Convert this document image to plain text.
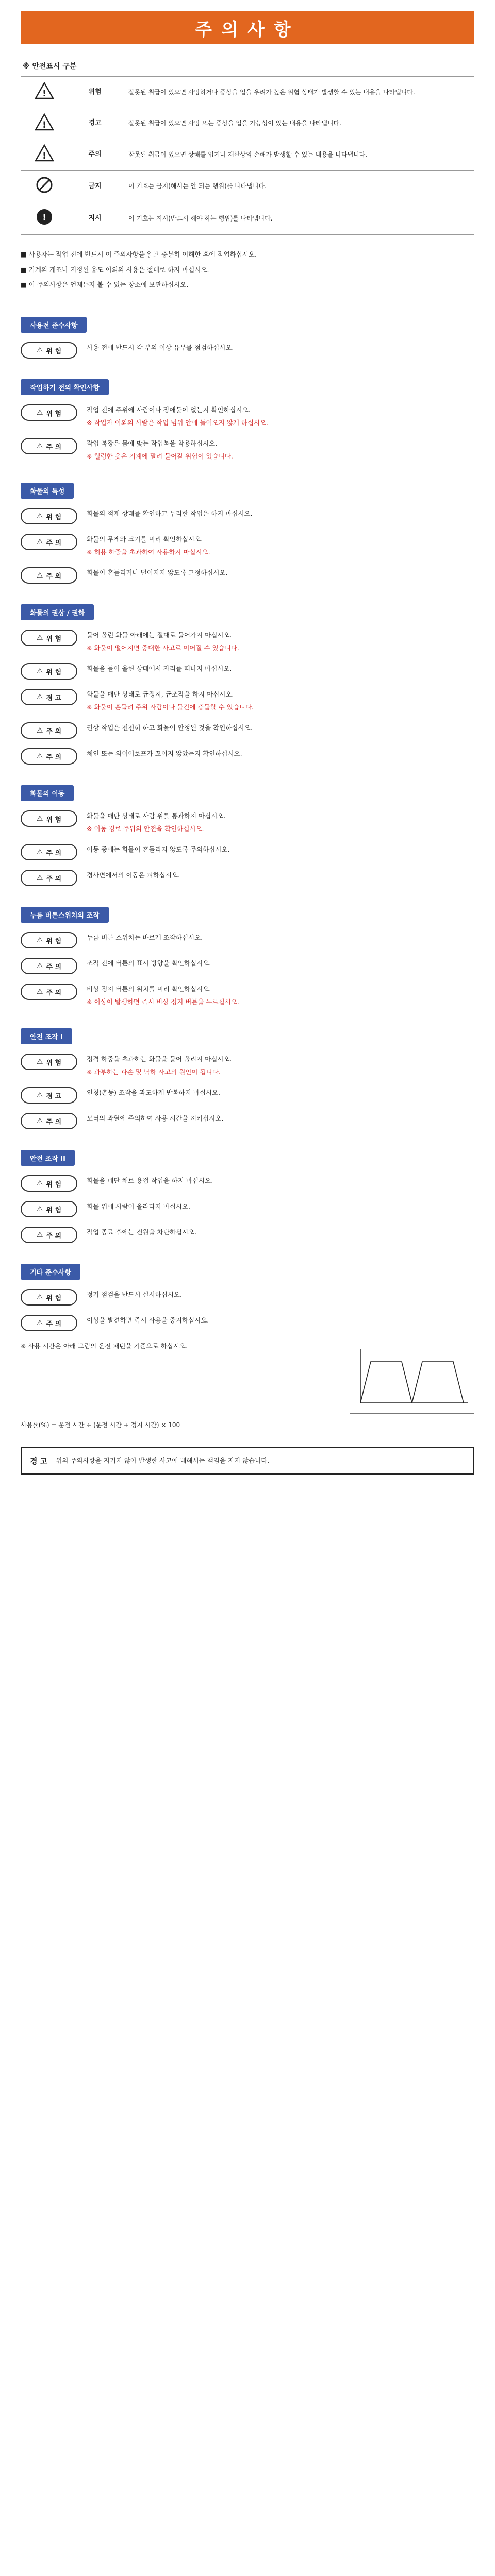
주의사항
※ 안전표시 구분
!	위험	잘못된 취급이 있으면 사망하거나 중상을 입을 우려가 높은 위험 상태가 발생할 수 있는 내용을 나타냅니다.

!	경고	잘못된 취급이 있으면 사망 또는 중상을 입을 가능성이 있는 내용을 나타냅니다.

!	주의	잘못된 취급이 있으면 상해를 입거나 재산상의 손해가 발생할 수 있는 내용을 나타냅니다.
	금지	이 기호는 금지(해서는 안 되는 행위)를 나타냅니다.

!	지시	이 기호는 지시(반드시 해야 하는 행위)를 나타냅니다.

■ 사용자는 작업 전에 반드시 이 주의사항을 읽고 충분히 이해한 후에 작업하십시오.

■ 기계의 개조나 지정된 용도 이외의 사용은 절대로 하지 마십시오.

■ 이 주의사항은 언제든지 볼 수 있는 장소에 보관하십시오.

사용전 준수사항
⚠ 위 험	사용 전에 반드시 각 부의 이상 유무를 점검하십시오.

작업하기 전의 확인사항
⚠ 위 험	작업 전에 주위에 사람이나 장애물이 없는지 확인하십시오.

※ 작업자 이외의 사람은 작업 범위 안에 들어오지 않게 하십시오.

⚠ 주 의	작업 복장은 몸에 맞는 작업복을 착용하십시오.

※ 헐렁한 옷은 기계에 말려 들어갈 위험이 있습니다.

화물의 특성
⚠ 위 험	화물의 적재 상태를 확인하고 무리한 작업은 하지 마십시오.

⚠ 주 의	화물의 무게와 크기를 미리 확인하십시오.

※ 허용 하중을 초과하여 사용하지 마십시오.

⚠ 주 의	화물이 흔들리거나 떨어지지 않도록 고정하십시오.

화물의 권상 / 권하
⚠ 위 험	들어 올린 화물 아래에는 절대로 들어가지 마십시오.

※ 화물이 떨어지면 중대한 사고로 이어질 수 있습니다.

⚠ 위 험	화물을 들어 올린 상태에서 자리를 떠나지 마십시오.

⚠ 경 고	화물을 매단 상태로 급정지, 급조작을 하지 마십시오.

※ 화물이 흔들려 주위 사람이나 물건에 충돌할 수 있습니다.

⚠ 주 의	권상 작업은 천천히 하고 화물이 안정된 것을 확인하십시오.

⚠ 주 의	체인 또는 와이어로프가 꼬이지 않았는지 확인하십시오.

화물의 이동
⚠ 위 험	화물을 매단 상태로 사람 위를 통과하지 마십시오.

※ 이동 경로 주위의 안전을 확인하십시오.

⚠ 주 의	이동 중에는 화물이 흔들리지 않도록 주의하십시오.

⚠ 주 의	경사면에서의 이동은 피하십시오.

누름 버튼스위치의 조작
⚠ 위 험	누름 버튼 스위치는 바르게 조작하십시오.

⚠ 주 의	조작 전에 버튼의 표시 방향을 확인하십시오.

⚠ 주 의	비상 정지 버튼의 위치를 미리 확인하십시오.

※ 이상이 발생하면 즉시 비상 정지 버튼을 누르십시오.

안전 조작 I
⚠ 위 험	정격 하중을 초과하는 화물을 들어 올리지 마십시오.

※ 과부하는 파손 및 낙하 사고의 원인이 됩니다.

⚠ 경 고	인칭(촌동) 조작을 과도하게 반복하지 마십시오.

⚠ 주 의	모터의 과열에 주의하여 사용 시간을 지키십시오.

안전 조작 II
⚠ 위 험	화물을 매단 채로 용접 작업을 하지 마십시오.

⚠ 위 험	화물 위에 사람이 올라타지 마십시오.

⚠ 주 의	작업 종료 후에는 전원을 차단하십시오.

기타 준수사항
⚠ 위 험	정기 점검을 반드시 실시하십시오.

⚠ 주 의	이상을 발견하면 즉시 사용을 중지하십시오.

※ 사용 시간은 아래 그림의 운전 패턴을 기준으로 하십시오.
사용률(%) = 운전 시간 ÷ (운전 시간 + 정지 시간) × 100
경 고 위의 주의사항을 지키지 않아 발생한 사고에 대해서는 책임을 지지 않습니다.
